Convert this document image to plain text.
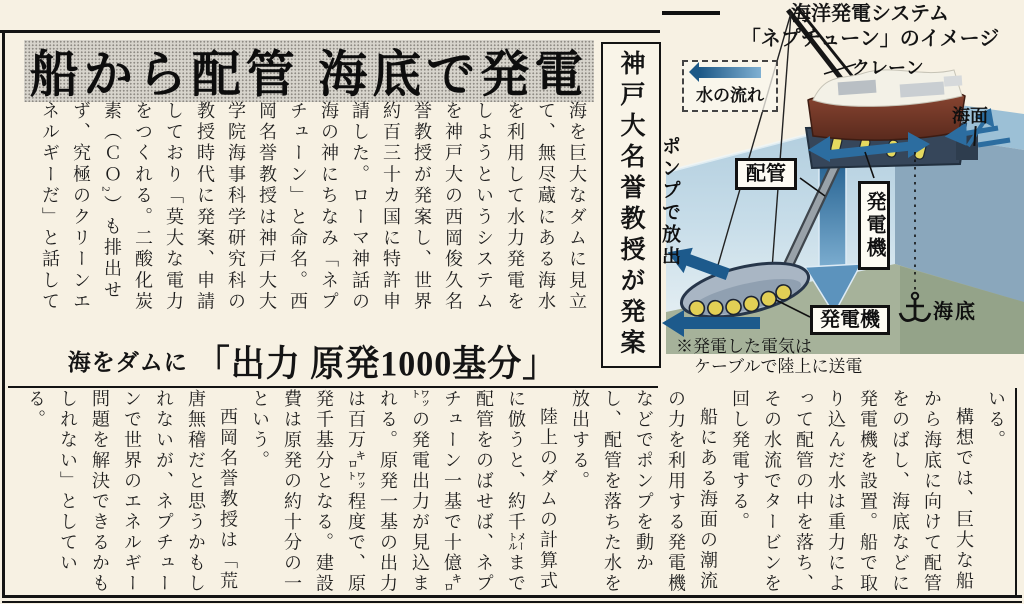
船から配管 海底で発電 神戸大名誉教授が発案

海を巨大なダムに見立て、無尽蔵にある海水を利用して水力発電をしようというシステムを神戸大の西岡俊久名誉教授が発案し、世界約百三十カ国に特許申請した。ローマ神話の海の神にちなみ「ネプチューン」と命名。西岡名誉教授は神戸大大学院海事科学研究科の教授時代に発案、申請しており「莫大な電力をつくれる。二酸化炭素（ＣＯ₂）も排出せず、究極のクリーンエネルギーだ」と話して

海をダムに 「出力 原発1000基分」

いる。

構想では、巨大な船から海底に向けて配管をのばし、海底などに発電機を設置。船で取り込んだ水は重力によって配管の中を落ち、その水流でタービンを回し発電する。

船にある海面の潮流の力を利用する発電機などでポンプを動かし、配管を落ちた水を放出する。

陸上のダムの計算式に倣うと、約千㍍まで配管をのばせば、ネプチューン一基で十億㌔㍗の発電出力が見込まれる。原発一基の出力は百万㌔㍗程度で、原発千基分となる。建設費は原発の約十分の一という。

西岡名誉教授は「荒唐無稽だと思うかもしれないが、ネプチューンで世界のエネルギー問題を解決できるかもしれない」としている。

海洋発電システム
「ネプチューン」のイメージ
水の流れ
クレーン
海面
ポンプで放出	配管
発電機
発電機	海底
※発電した電気は
ケーブルで陸上に送電
